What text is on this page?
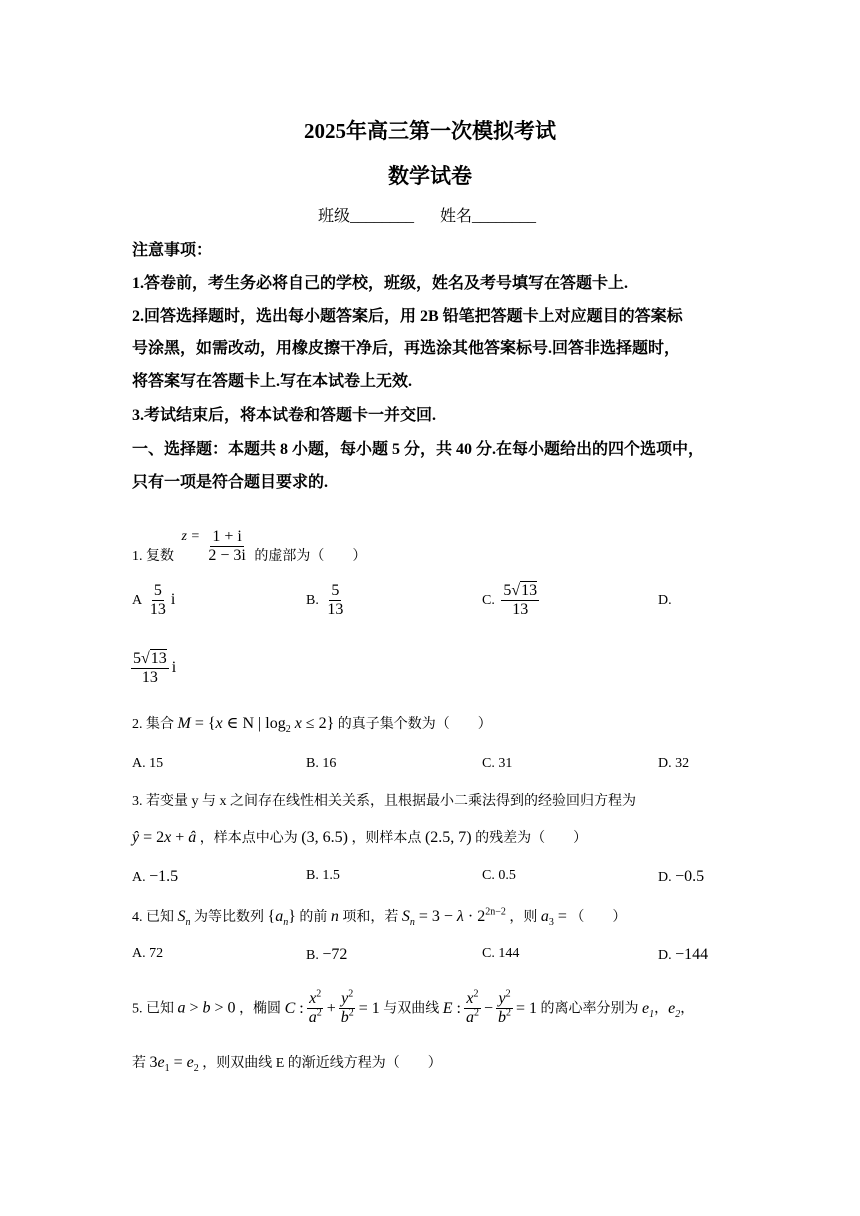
2025年高三第一次模拟考试
数学试卷
班级________ 姓名________
注意事项：
1.答卷前，考生务必将自己的学校，班级，姓名及考号填写在答题卡上.
2.回答选择题时，选出每小题答案后，用 2B 铅笔把答题卡上对应题目的答案标
号涂黑，如需改动，用橡皮擦干净后，再选涂其他答案标号.回答非选择题时，
将答案写在答题卡上.写在本试卷上无效.
3.考试结束后，将本试卷和答题卡一并交回.
一、选择题：本题共 8 小题，每小题 5 分，共 40 分.在每小题给出的四个选项中，
只有一项是符合题目要求的.
1. 复数 $z = \frac{1 + i}{2 - 3i}$ 的虚部为（　　）
A $\frac{5}{13}$ i	B. $\frac{5}{13}$	C. $\frac{5√13}{13}$	D.
$\frac{5√13}{13}$ i
2. 集合 M = {x ∈ N | $\log_2 x \le 2$} 的真子集个数为（　　）
A. 15	B. 16	C. 31	D. 32
3. 若变量 y 与 x 之间存在线性相关关系，且根据最小二乘法得到的经验回归方程为
ŷ = 2x + â ，样本点中心为 (3, 6.5) ，则样本点 (2.5, 7) 的残差为（　　）
A. −1.5	B. 1.5	C. 0.5	D. −0.5
4. 已知 $S_n$ 为等比数列 $\{a_n\}$ 的前 n 项和，若 $S_n = 3 - \lambda \cdot 2^{2n-2}$ ，则 $a_3$ = （　　）
A. 72	B. −72	C. 144	D. −144
5. 已知 a > b > 0 ，椭圆 C : $\frac{x^2}{a^2} + \frac{y^2}{b^2} = 1$ 与双曲线 E : $\frac{x^2}{a^2} - \frac{y^2}{b^2} = 1$ 的离心率分别为 $e_1$，$e_2$，
若 $3e_1 = e_2$ ，则双曲线 E 的渐近线方程为（　　）
